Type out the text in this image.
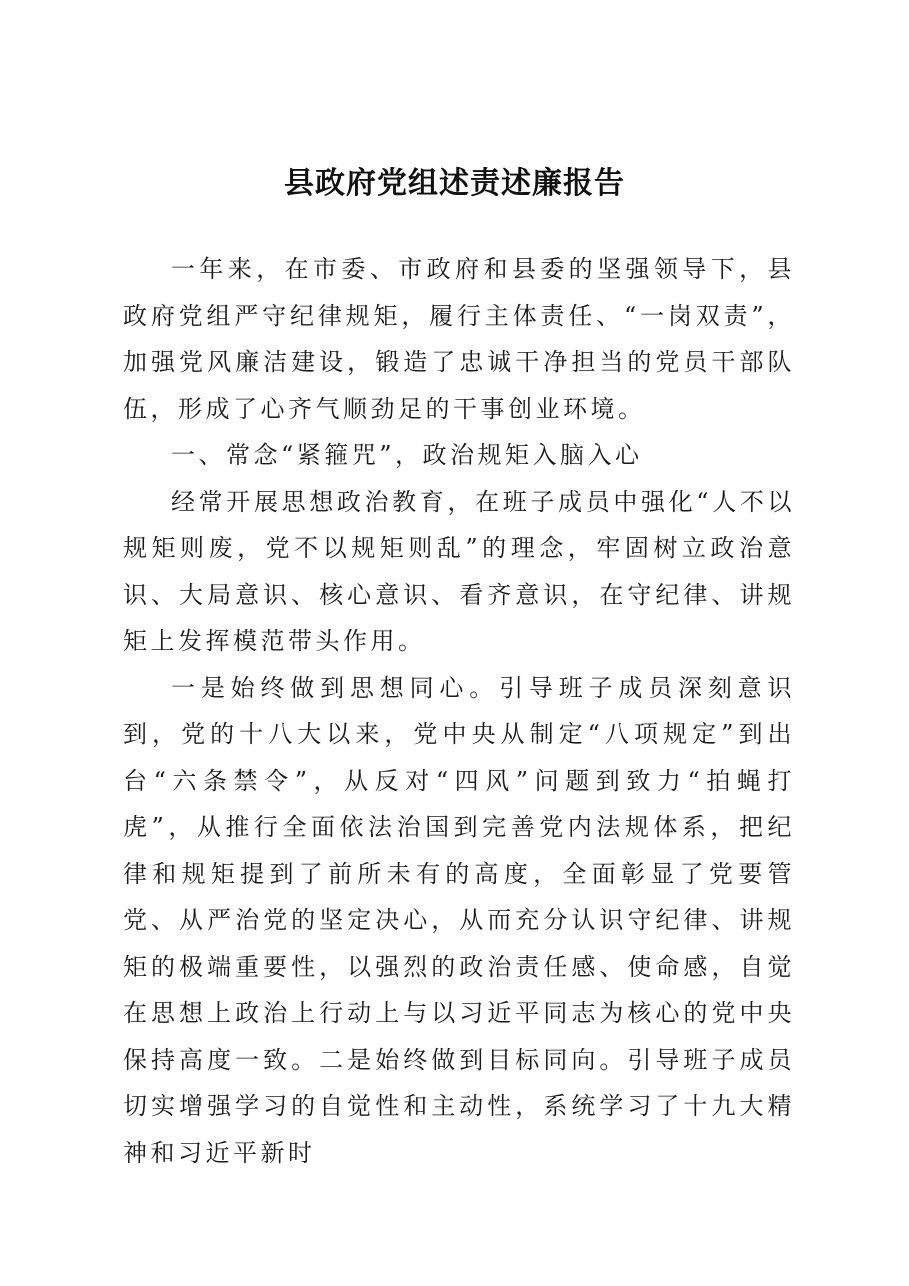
县政府党组述责述廉报告

一年来，在市委、市政府和县委的坚强领导下，县政府党组严守纪律规矩，履行主体责任、“一岗双责”，加强党风廉洁建设，锻造了忠诚干净担当的党员干部队伍，形成了心齐气顺劲足的干事创业环境。

一、常念“紧箍咒”，政治规矩入脑入心

经常开展思想政治教育，在班子成员中强化“人不以规矩则废，党不以规矩则乱”的理念，牢固树立政治意识、大局意识、核心意识、看齐意识，在守纪律、讲规矩上发挥模范带头作用。

一是始终做到思想同心。引导班子成员深刻意识到，党的十八大以来，党中央从制定“八项规定”到出台“六条禁令”，从反对“四风”问题到致力“拍蝇打虎”，从推行全面依法治国到完善党内法规体系，把纪律和规矩提到了前所未有的高度，全面彰显了党要管党、从严治党的坚定决心，从而充分认识守纪律、讲规矩的极端重要性，以强烈的政治责任感、使命感，自觉在思想上政治上行动上与以习近平同志为核心的党中央保持高度一致。二是始终做到目标同向。引导班子成员切实增强学习的自觉性和主动性，系统学习了十九大精神和习近平新时
